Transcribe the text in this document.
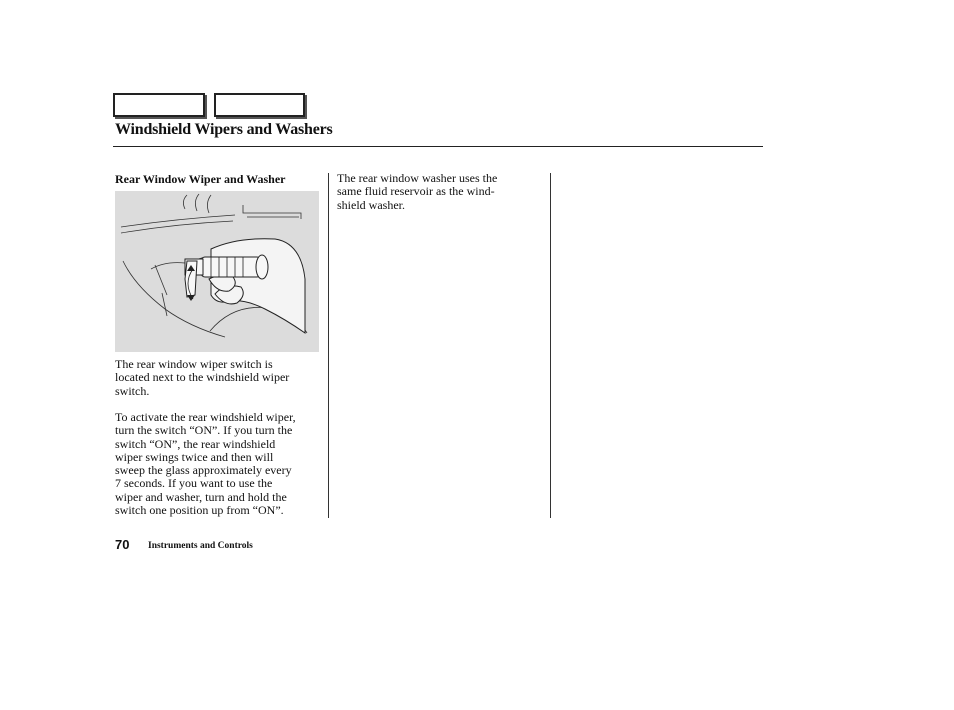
Windshield Wipers and Washers
Rear Window Wiper and Washer

The rear window wiper switch is
located next to the windshield wiper
switch.

To activate the rear windshield wiper,
turn the switch “ON”. If you turn the
switch “ON”, the rear windshield
wiper swings twice and then will
sweep the glass approximately every
7 seconds. If you want to use the
wiper and washer, turn and hold the
switch one position up from “ON”.

The rear window washer uses the
same fluid reservoir as the wind-
shield washer.

70 Instruments and Controls
